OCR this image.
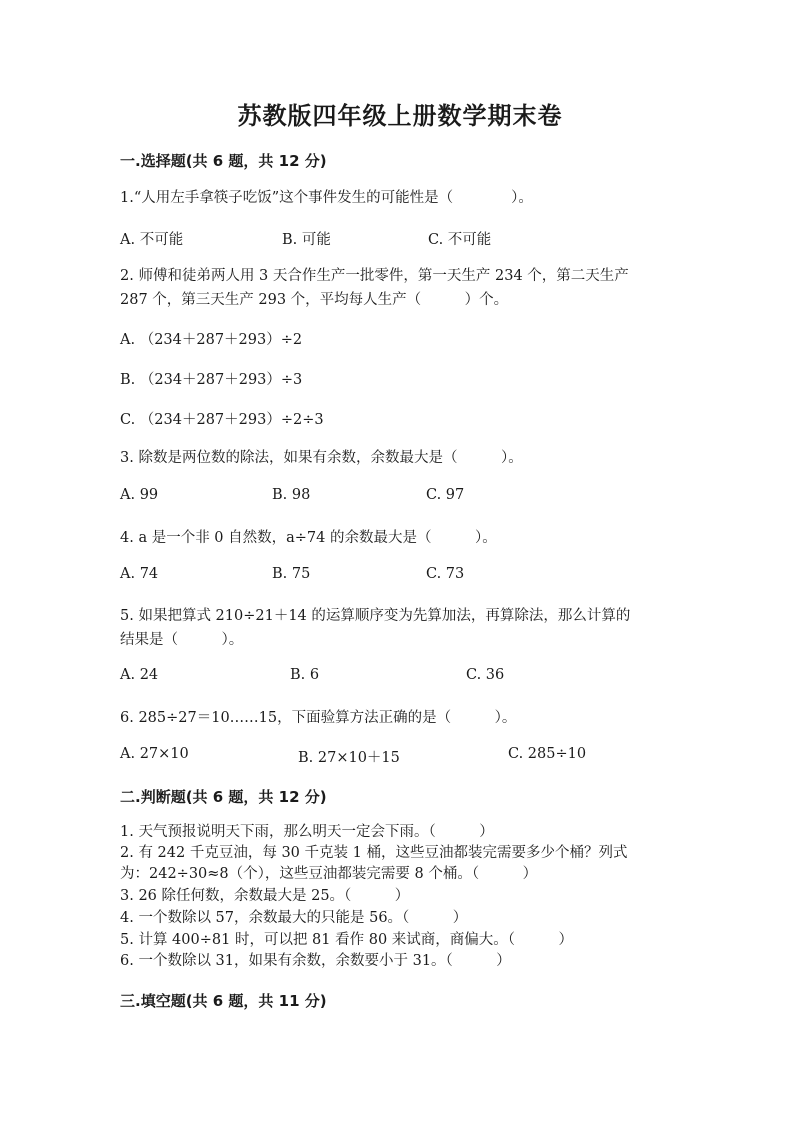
苏教版四年级上册数学期末卷
一.选择题(共 6 题，共 12 分)
1.“人用左手拿筷子吃饭”这个事件发生的可能性是（　　　　）。
A. 不可能	B. 可能	C. 不可能
2. 师傅和徒弟两人用 3 天合作生产一批零件，第一天生产 234 个，第二天生产
287 个，第三天生产 293 个，平均每人生产（　　　）个。
A. （234＋287＋293）÷2
B. （234＋287＋293）÷3
C. （234＋287＋293）÷2÷3
3. 除数是两位数的除法，如果有余数，余数最大是（　　　）。
A. 99	B. 98	C. 97
4. a 是一个非 0 自然数，a÷74 的余数最大是（　　　）。
A. 74	B. 75	C. 73
5. 如果把算式 210÷21＋14 的运算顺序变为先算加法，再算除法，那么计算的
结果是（　　　）。
A. 24	B. 6	C. 36
6. 285÷27＝10……15，下面验算方法正确的是（　　　）。
A. 27×10	B. 27×10＋15	C. 285÷10
二.判断题(共 6 题，共 12 分)
1. 天气预报说明天下雨，那么明天一定会下雨。（　　　）
2. 有 242 千克豆油，每 30 千克装 1 桶，这些豆油都装完需要多少个桶？列式
为：242÷30≈8（个），这些豆油都装完需要 8 个桶。（　　　）
3. 26 除任何数，余数最大是 25。（　　　）
4. 一个数除以 57，余数最大的只能是 56。（　　　）
5. 计算 400÷81 时，可以把 81 看作 80 来试商，商偏大。（　　　）
6. 一个数除以 31，如果有余数，余数要小于 31。（　　　）
三.填空题(共 6 题，共 11 分)
